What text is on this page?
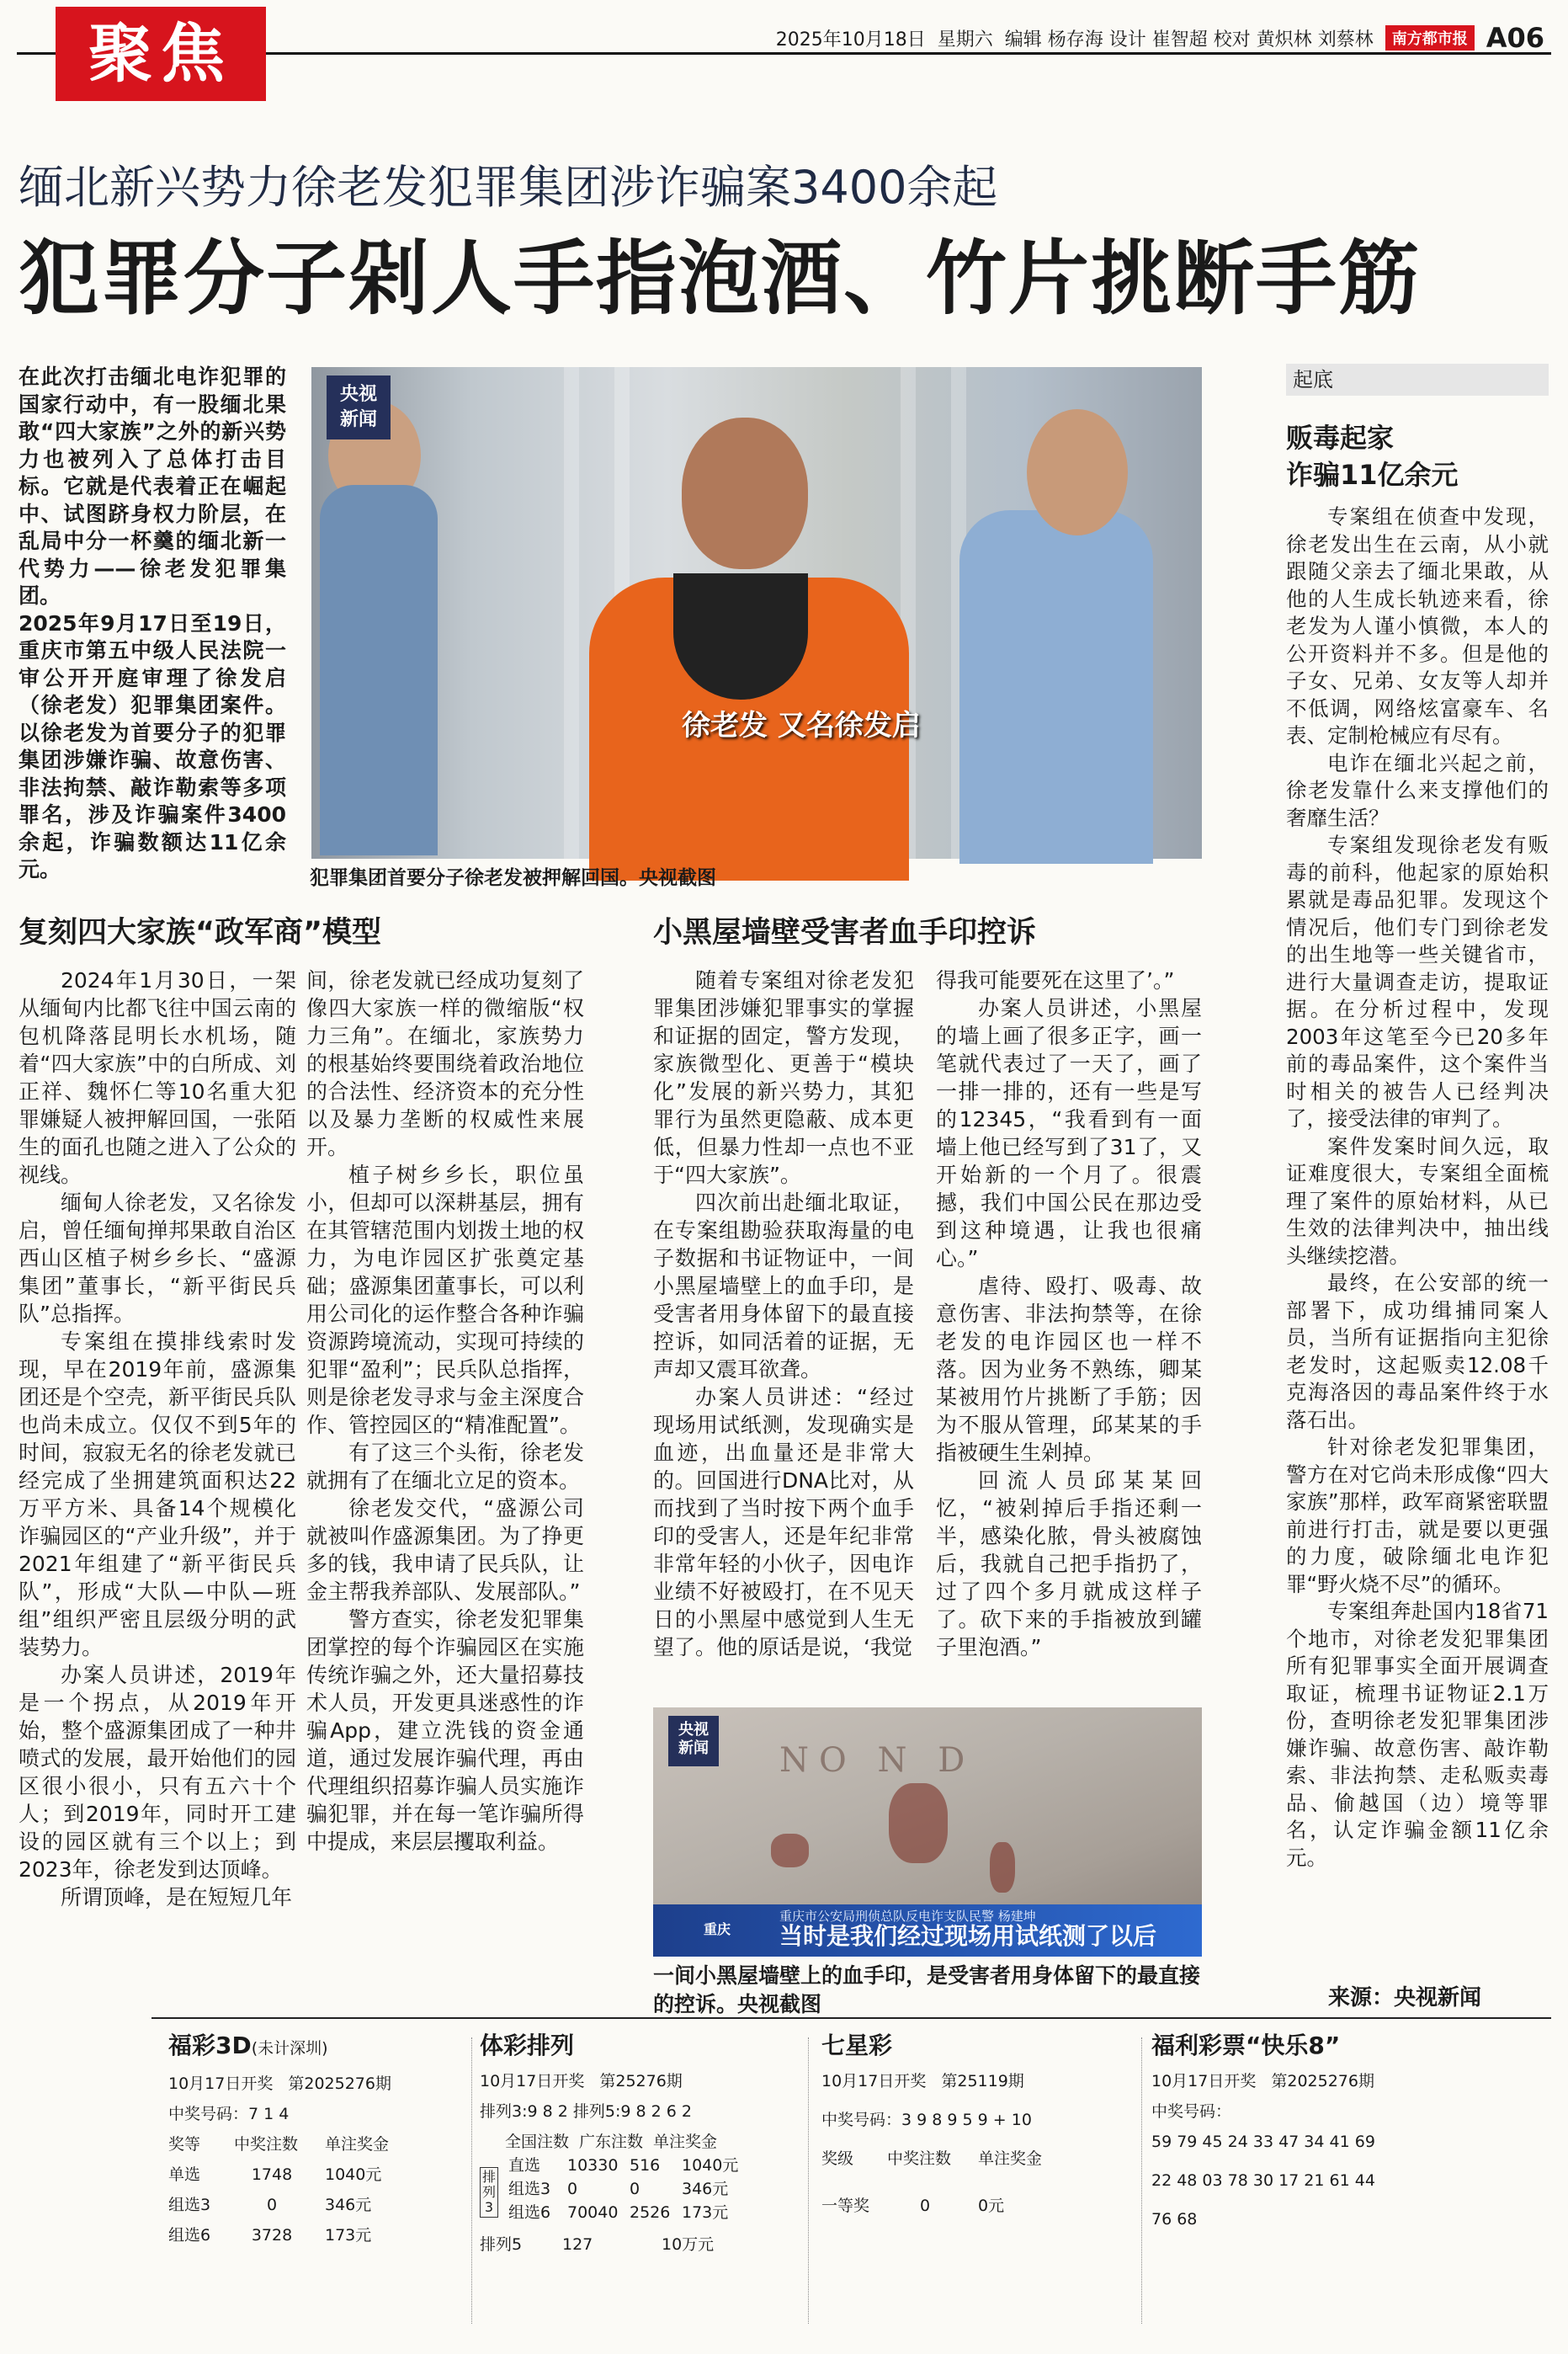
聚焦	2025年10月18日 星期六 编辑 杨存海 设计 崔智超 校对 黄炽林 刘蔡林	南方都市报 A06
缅北新兴势力徐老发犯罪集团涉诈骗案3400余起
犯罪分子剁人手指泡酒、竹片挑断手筋

在此次打击缅北电诈犯罪的国家行动中，有一股缅北果敢“四大家族”之外的新兴势力也被列入了总体打击目标。它就是代表着正在崛起中、试图跻身权力阶层，在乱局中分一杯羹的缅北新一代势力——徐老发犯罪集团。

2025年9月17日至19日，重庆市第五中级人民法院一审公开开庭审理了徐发启（徐老发）犯罪集团案件。以徐老发为首要分子的犯罪集团涉嫌诈骗、故意伤害、非法拘禁、敲诈勒索等多项罪名，涉及诈骗案件3400余起，诈骗数额达11亿余元。

央视
新闻
徐老发 又名徐发启
犯罪集团首要分子徐老发被押解回国。央视截图
复刻四大家族“政军商”模型

2024年1月30日，一架从缅甸内比都飞往中国云南的包机降落昆明长水机场，随着“四大家族”中的白所成、刘正祥、魏怀仁等10名重大犯罪嫌疑人被押解回国，一张陌生的面孔也随之进入了公众的视线。

缅甸人徐老发，又名徐发启，曾任缅甸掸邦果敢自治区西山区植子树乡乡长、“盛源集团”董事长，“新平街民兵队”总指挥。

专案组在摸排线索时发现，早在2019年前，盛源集团还是个空壳，新平街民兵队也尚未成立。仅仅不到5年的时间，寂寂无名的徐老发就已经完成了坐拥建筑面积达22万平方米、具备14个规模化诈骗园区的“产业升级”，并于2021年组建了“新平街民兵队”，形成“大队—中队—班组”组织严密且层级分明的武装势力。

办案人员讲述，2019年是一个拐点，从2019年开始，整个盛源集团成了一种井喷式的发展，最开始他们的园区很小很小，只有五六十个人；到2019年，同时开工建设的园区就有三个以上；到2023年，徐老发到达顶峰。

所谓顶峰，是在短短几年

间，徐老发就已经成功复刻了像四大家族一样的微缩版“权力三角”。在缅北，家族势力的根基始终要围绕着政治地位的合法性、经济资本的充分性以及暴力垄断的权威性来展开。

植子树乡乡长，职位虽小，但却可以深耕基层，拥有在其管辖范围内划拨土地的权力，为电诈园区扩张奠定基础；盛源集团董事长，可以利用公司化的运作整合各种诈骗资源跨境流动，实现可持续的犯罪“盈利”；民兵队总指挥，则是徐老发寻求与金主深度合作、管控园区的“精准配置”。

有了这三个头衔，徐老发就拥有了在缅北立足的资本。

徐老发交代，“盛源公司就被叫作盛源集团。为了挣更多的钱，我申请了民兵队，让金主帮我养部队、发展部队。”

警方查实，徐老发犯罪集团掌控的每个诈骗园区在实施传统诈骗之外，还大量招募技术人员，开发更具迷惑性的诈骗App，建立洗钱的资金通道，通过发展诈骗代理，再由代理组织招募诈骗人员实施诈骗犯罪，并在每一笔诈骗所得中提成，来层层攫取利益。

小黑屋墙壁受害者血手印控诉

随着专案组对徐老发犯罪集团涉嫌犯罪事实的掌握和证据的固定，警方发现，家族微型化、更善于“模块化”发展的新兴势力，其犯罪行为虽然更隐蔽、成本更低，但暴力性却一点也不亚于“四大家族”。

四次前出赴缅北取证，在专案组勘验获取海量的电子数据和书证物证中，一间小黑屋墙壁上的血手印，是受害者用身体留下的最直接控诉，如同活着的证据，无声却又震耳欲聋。

办案人员讲述：“经过现场用试纸测，发现确实是血迹，出血量还是非常大的。回国进行DNA比对，从而找到了当时按下两个血手印的受害人，还是年纪非常非常年轻的小伙子，因电诈业绩不好被殴打，在不见天日的小黑屋中感觉到人生无望了。他的原话是说，‘我觉

得我可能要死在这里了’。”

办案人员讲述，小黑屋的墙上画了很多正字，画一笔就代表过了一天了，画了一排一排的，还有一些是写的12345，“我看到有一面墙上他已经写到了31了，又开始新的一个月了。很震撼，我们中国公民在那边受到这种境遇，让我也很痛心。”

虐待、殴打、吸毒、故意伤害、非法拘禁等，在徐老发的电诈园区也一样不落。因为业务不熟练，卿某某被用竹片挑断了手筋；因为不服从管理，邱某某的手指被硬生生剁掉。

回流人员邱某某回忆，“被剁掉后手指还剩一半，感染化脓，骨头被腐蚀后，我就自己把手指扔了，过了四个多月就成这样子了。砍下来的手指被放到罐子里泡酒。”

NO N D
央视
新闻
重庆
重庆市公安局刑侦总队反电诈支队民警 杨建坤
当时是我们经过现场用试纸测了以后
一间小黑屋墙壁上的血手印，是受害者用身体留下的最直接的控诉。央视截图
起底
贩毒起家
诈骗11亿余元

专案组在侦查中发现，徐老发出生在云南，从小就跟随父亲去了缅北果敢，从他的人生成长轨迹来看，徐老发为人谨小慎微，本人的公开资料并不多。但是他的子女、兄弟、女友等人却并不低调，网络炫富豪车、名表、定制枪械应有尽有。

电诈在缅北兴起之前，徐老发靠什么来支撑他们的奢靡生活？

专案组发现徐老发有贩毒的前科，他起家的原始积累就是毒品犯罪。发现这个情况后，他们专门到徐老发的出生地等一些关键省市，进行大量调查走访，提取证据。在分析过程中，发现2003年这笔至今已20多年前的毒品案件，这个案件当时相关的被告人已经判决了，接受法律的审判了。

案件发案时间久远，取证难度很大，专案组全面梳理了案件的原始材料，从已生效的法律判决中，抽出线头继续挖潜。

最终，在公安部的统一部署下，成功缉捕同案人员，当所有证据指向主犯徐老发时，这起贩卖12.08千克海洛因的毒品案件终于水落石出。

针对徐老发犯罪集团，警方在对它尚未形成像“四大家族”那样，政军商紧密联盟前进行打击，就是要以更强的力度，破除缅北电诈犯罪“野火烧不尽”的循环。

专案组奔赴国内18省71个地市，对徐老发犯罪集团所有犯罪事实全面开展调查取证，梳理书证物证2.1万份，查明徐老发犯罪集团涉嫌诈骗、故意伤害、敲诈勒索、非法拘禁、走私贩卖毒品、偷越国（边）境等罪名，认定诈骗金额11亿余元。

来源：央视新闻
福彩3D(未计深圳)
10月17日开奖 第2025276期
中奖号码：7 1 4
奖等	中奖注数	单注奖金
单选	1748	1040元
组选3	0	346元
组选6	3728	173元
体彩排列
10月17日开奖 第25276期
排列3:9 8 2 排列5:9 8 2 6 2
全国注数 广东注数 单注奖金
排列3
直选	10330 516	1040元
组选3 0	0	346元
组选6 70040 2526 173元
排列5	127	10万元
七星彩
10月17日开奖 第25119期
中奖号码：3 9 8 9 5 9 + 10
奖级	中奖注数	单注奖金
一等奖	0	0元
福利彩票“快乐8”
10月17日开奖 第2025276期
中奖号码：
59 79 45 24 33 47 34 41 69
22 48 03 78 30 17 21 61 44
76 68
